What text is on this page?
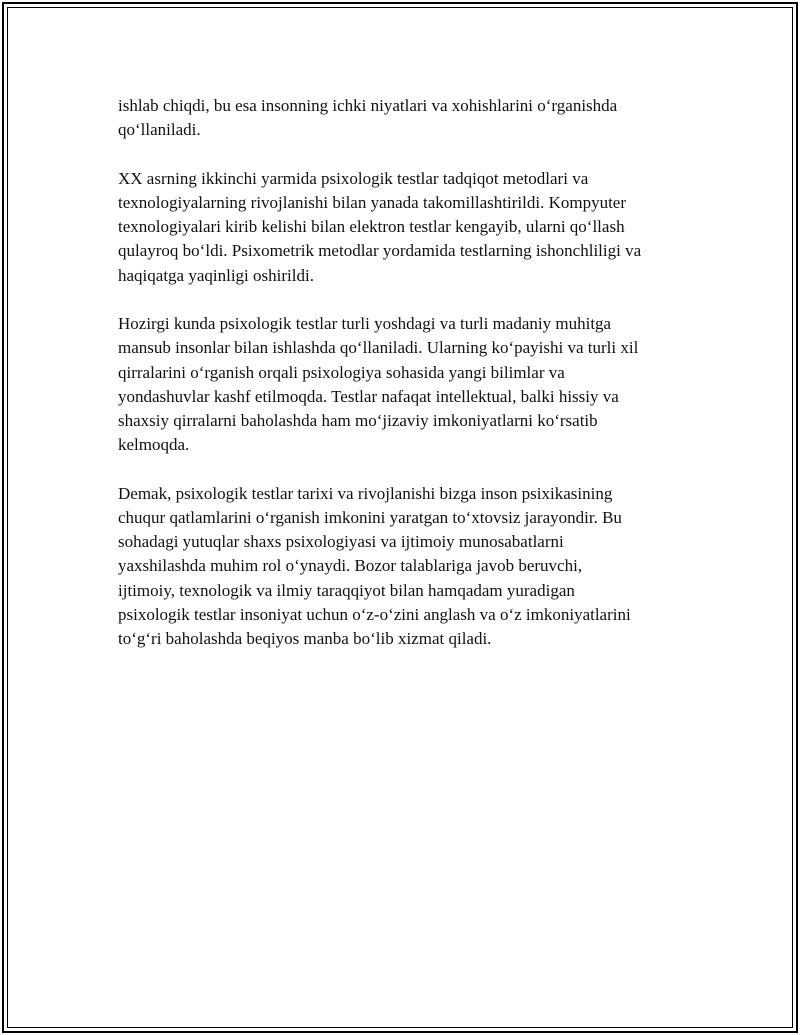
ishlab chiqdi, bu esa insonning ichki niyatlari va xohishlarini o‘rganishda
qo‘llaniladi.

XX asrning ikkinchi yarmida psixologik testlar tadqiqot metodlari va
texnologiyalarning rivojlanishi bilan yanada takomillashtirildi. Kompyuter
texnologiyalari kirib kelishi bilan elektron testlar kengayib, ularni qo‘llash
qulayroq bo‘ldi. Psixometrik metodlar yordamida testlarning ishonchliligi va
haqiqatga yaqinligi oshirildi.

Hozirgi kunda psixologik testlar turli yoshdagi va turli madaniy muhitga
mansub insonlar bilan ishlashda qo‘llaniladi. Ularning ko‘payishi va turli xil
qirralarini o‘rganish orqali psixologiya sohasida yangi bilimlar va
yondashuvlar kashf etilmoqda. Testlar nafaqat intellektual, balki hissiy va
shaxsiy qirralarni baholashda ham mo‘jizaviy imkoniyatlarni ko‘rsatib
kelmoqda.

Demak, psixologik testlar tarixi va rivojlanishi bizga inson psixikasining
chuqur qatlamlarini o‘rganish imkonini yaratgan to‘xtovsiz jarayondir. Bu
sohadagi yutuqlar shaxs psixologiyasi va ijtimoiy munosabatlarni
yaxshilashda muhim rol o‘ynaydi. Bozor talablariga javob beruvchi,
ijtimoiy, texnologik va ilmiy taraqqiyot bilan hamqadam yuradigan
psixologik testlar insoniyat uchun o‘z-o‘zini anglash va o‘z imkoniyatlarini
to‘g‘ri baholashda beqiyos manba bo‘lib xizmat qiladi.
